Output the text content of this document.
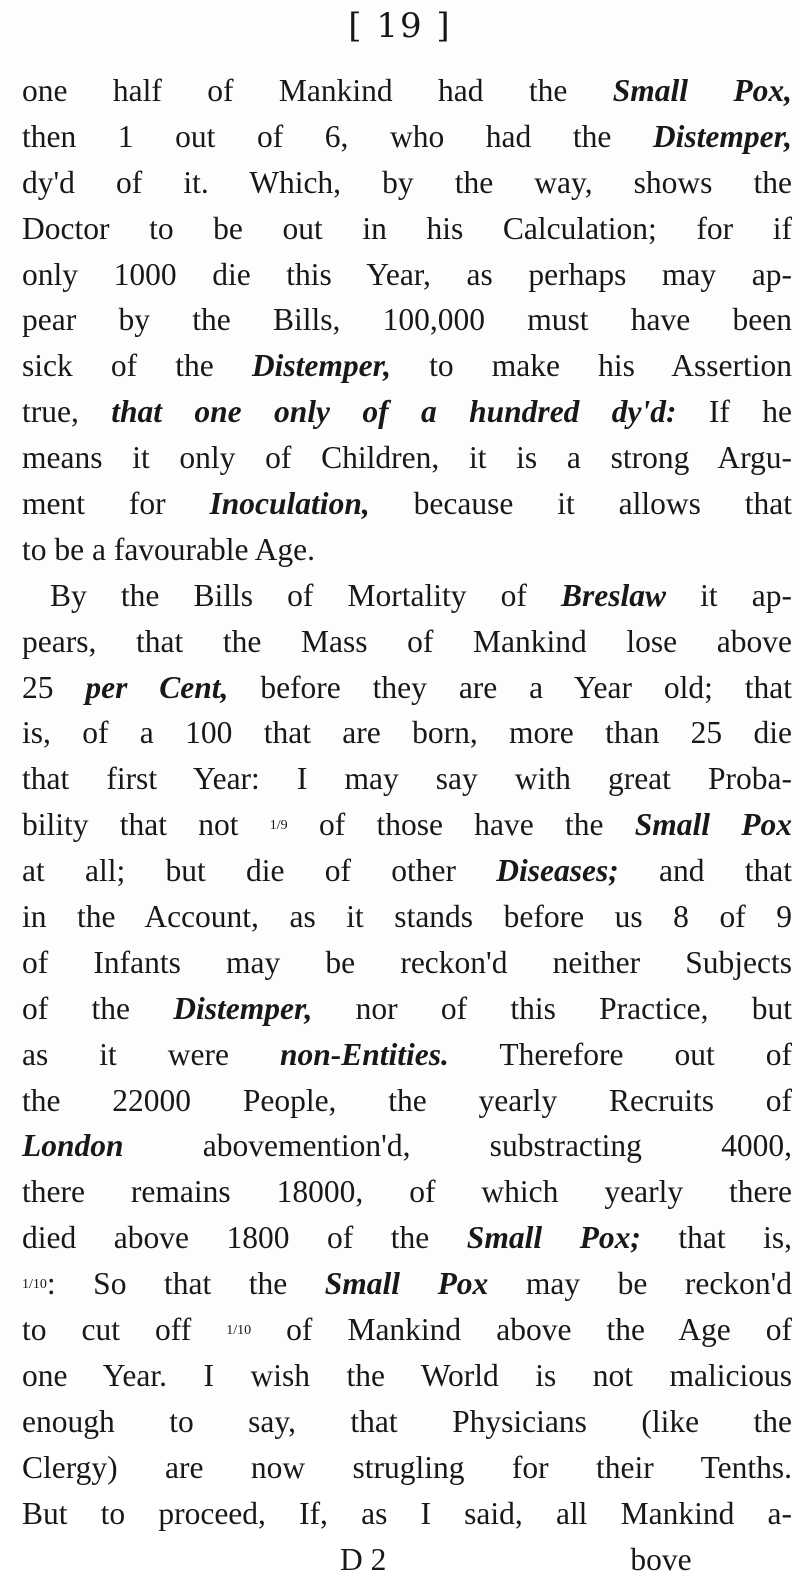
[ 19 ]
one half of Mankind had the Small Pox,
then 1 out of 6, who had the Distemper,
dy'd of it. Which, by the way, shows the
Doctor to be out in his Calculation; for if
only 1000 die this Year, as perhaps may ap-
pear by the Bills, 100,000 must have been
sick of the Distemper, to make his Assertion
true, that one only of a hundred dy'd: If he
means it only of Children, it is a strong Argu-
ment for Inoculation, because it allows that
to be a favourable Age.
By the Bills of Mortality of Breslaw it ap-
pears, that the Mass of Mankind lose above
25 per Cent, before they are a Year old; that
is, of a 100 that are born, more than 25 die
that first Year: I may say with great Proba-
bility that not 1/9 of those have the Small Pox
at all; but die of other Diseases; and that
in the Account, as it stands before us 8 of 9
of Infants may be reckon'd neither Subjects
of the Distemper, nor of this Practice, but
as it were non-Entities. Therefore out of
the 22000 People, the yearly Recruits of
London abovemention'd, substracting 4000,
there remains 18000, of which yearly there
died above 1800 of the Small Pox; that is,
1/10: So that the Small Pox may be reckon'd
to cut off 1/10 of Mankind above the Age of
one Year. I wish the World is not malicious
enough to say, that Physicians (like the
Clergy) are now strugling for their Tenths.
But to proceed, If, as I said, all Mankind a-
D 2	bove
